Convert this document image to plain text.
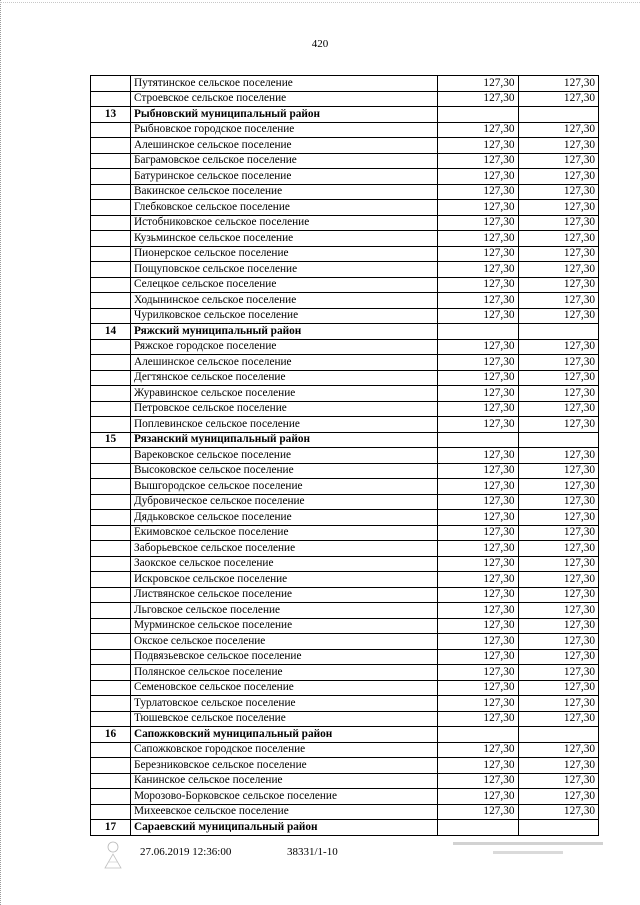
420
	Путятинское сельское поселение	127,30	127,30
	Строевское сельское поселение	127,30	127,30
13	Рыбновский муниципальный район		
	Рыбновское городское поселение	127,30	127,30
	Алешинское сельское поселение	127,30	127,30
	Баграмовское сельское поселение	127,30	127,30
	Батуринское сельское поселение	127,30	127,30
	Вакинское сельское поселение	127,30	127,30
	Глебковское сельское поселение	127,30	127,30
	Истобниковское сельское поселение	127,30	127,30
	Кузьминское сельское поселение	127,30	127,30
	Пионерское сельское поселение	127,30	127,30
	Пощуповское сельское поселение	127,30	127,30
	Селецкое сельское поселение	127,30	127,30
	Ходынинское сельское поселение	127,30	127,30
	Чурилковское сельское поселение	127,30	127,30
14	Ряжский муниципальный район		
	Ряжское городское поселение	127,30	127,30
	Алешинское сельское поселение	127,30	127,30
	Дегтянское сельское поселение	127,30	127,30
	Журавинское сельское поселение	127,30	127,30
	Петровское сельское поселение	127,30	127,30
	Поплевинское сельское поселение	127,30	127,30
15	Рязанский муниципальный район		
	Варековское сельское поселение	127,30	127,30
	Высоковское сельское поселение	127,30	127,30
	Вышгородское сельское поселение	127,30	127,30
	Дубровическое сельское поселение	127,30	127,30
	Дядьковское сельское поселение	127,30	127,30
	Екимовское сельское поселение	127,30	127,30
	Заборьевское сельское поселение	127,30	127,30
	Заокское сельское поселение	127,30	127,30
	Искровское сельское поселение	127,30	127,30
	Листвянское сельское поселение	127,30	127,30
	Льговское сельское поселение	127,30	127,30
	Мурминское сельское поселение	127,30	127,30
	Окское сельское поселение	127,30	127,30
	Подвязьевское сельское поселение	127,30	127,30
	Полянское сельское поселение	127,30	127,30
	Семеновское сельское поселение	127,30	127,30
	Турлатовское сельское поселение	127,30	127,30
	Тюшевское сельское поселение	127,30	127,30
16	Сапожковский муниципальный район		
	Сапожковское городское поселение	127,30	127,30
	Березниковское сельское поселение	127,30	127,30
	Канинское сельское поселение	127,30	127,30
	Морозово-Борковское сельское поселение	127,30	127,30
	Михеевское сельское поселение	127,30	127,30
17	Сараевский муниципальный район		
27.06.2019 12:36:00	38331/1-10
